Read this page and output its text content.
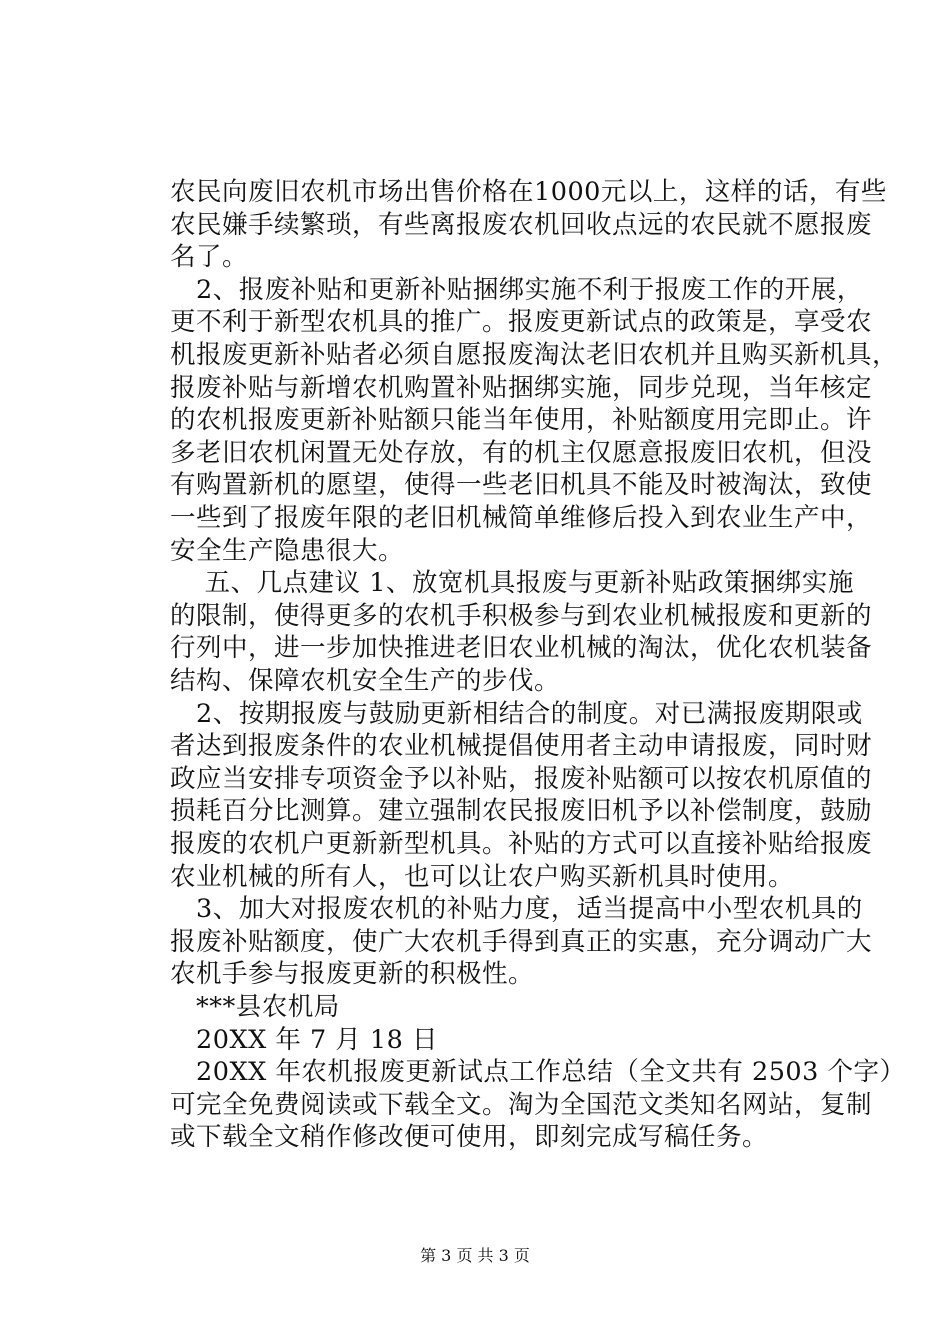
农民向废旧农机市场出售价格在1000元以上，这样的话，有些
农民嫌手续繁琐，有些离报废农机回收点远的农民就不愿报废
名了。
　2、报废补贴和更新补贴捆绑实施不利于报废工作的开展，
更不利于新型农机具的推广。报废更新试点的政策是，享受农
机报废更新补贴者必须自愿报废淘汰老旧农机并且购买新机具，
报废补贴与新增农机购置补贴捆绑实施，同步兑现，当年核定
的农机报废更新补贴额只能当年使用，补贴额度用完即止。许
多老旧农机闲置无处存放，有的机主仅愿意报废旧农机，但没
有购置新机的愿望，使得一些老旧机具不能及时被淘汰，致使
一些到了报废年限的老旧机械简单维修后投入到农业生产中，
安全生产隐患很大。
　 五、几点建议 1、放宽机具报废与更新补贴政策捆绑实施
的限制，使得更多的农机手积极参与到农业机械报废和更新的
行列中，进一步加快推进老旧农业机械的淘汰，优化农机装备
结构、保障农机安全生产的步伐。
　2、按期报废与鼓励更新相结合的制度。对已满报废期限或
者达到报废条件的农业机械提倡使用者主动申请报废，同时财
政应当安排专项资金予以补贴，报废补贴额可以按农机原值的
损耗百分比测算。建立强制农民报废旧机予以补偿制度，鼓励
报废的农机户更新新型机具。补贴的方式可以直接补贴给报废
农业机械的所有人，也可以让农户购买新机具时使用。
　3、加大对报废农机的补贴力度，适当提高中小型农机具的
报废补贴额度，使广大农机手得到真正的实惠，充分调动广大
农机手参与报废更新的积极性。
　***县农机局
　20XX 年 7 月 18 日
　20XX 年农机报废更新试点工作总结（全文共有 2503 个字）
可完全免费阅读或下载全文。淘为全国范文类知名网站，复制
或下载全文稍作修改便可使用，即刻完成写稿任务。
第 3 页 共 3 页
